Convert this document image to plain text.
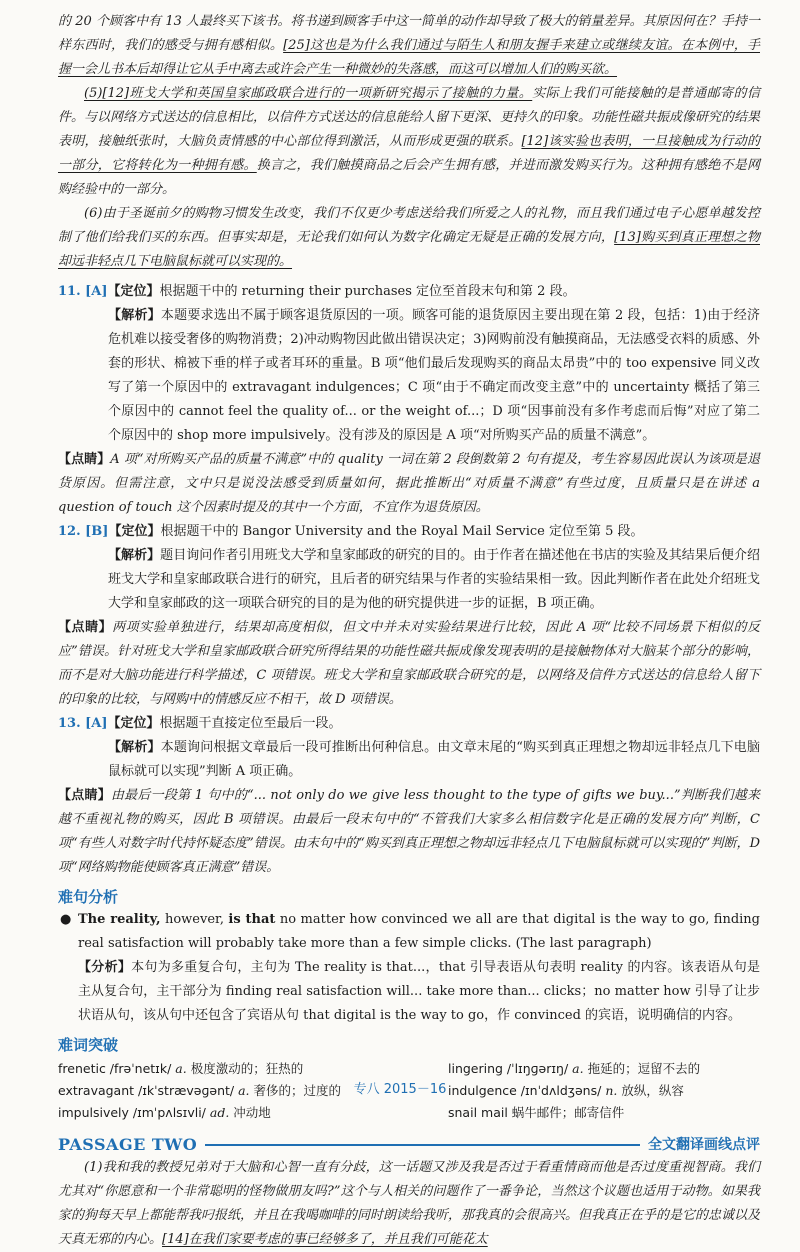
的 20 个顾客中有 13 人最终买下该书。将书递到顾客手中这一简单的动作却导致了极大的销量差异。其原因何在？手持一样东西时，我们的感受与拥有感相似。[25]这也是为什么我们通过与陌生人和朋友握手来建立或继续友谊。在本例中，手握一会儿书本后却得让它从手中离去或许会产生一种微妙的失落感，而这可以增加人们的购买欲。

(5)[12]班戈大学和英国皇家邮政联合进行的一项新研究揭示了接触的力量。实际上我们可能接触的是普通邮寄的信件。与以网络方式送达的信息相比，以信件方式送达的信息能给人留下更深、更持久的印象。功能性磁共振成像研究的结果表明，接触纸张时，大脑负责情感的中心部位得到激活，从而形成更强的联系。[12]该实验也表明，一旦接触成为行动的一部分，它将转化为一种拥有感。换言之，我们触摸商品之后会产生拥有感，并进而激发购买行为。这种拥有感绝不是网购经验中的一部分。

(6)由于圣诞前夕的购物习惯发生改变，我们不仅更少考虑送给我们所爱之人的礼物，而且我们通过电子心愿单越发控制了他们给我们买的东西。但事实却是，无论我们如何认为数字化确定无疑是正确的发展方向，[13]购买到真正理想之物却远非轻点几下电脑鼠标就可以实现的。

11. [A]【定位】根据题干中的 returning their purchases 定位至首段末句和第 2 段。

【解析】本题要求选出不属于顾客退货原因的一项。顾客可能的退货原因主要出现在第 2 段，包括：1)由于经济危机难以接受奢侈的购物消费；2)冲动购物因此做出错误决定；3)网购前没有触摸商品，无法感受衣料的质感、外套的形状、棉被下垂的样子或者耳环的重量。B 项“他们最后发现购买的商品太昂贵”中的 too expensive 同义改写了第一个原因中的 extravagant indulgences；C 项“由于不确定而改变主意”中的 uncertainty 概括了第三个原因中的 cannot feel the quality of... or the weight of...；D 项“因事前没有多作考虑而后悔”对应了第二个原因中的 shop more impulsively。没有涉及的原因是 A 项“对所购买产品的质量不满意”。

【点睛】A 项“对所购买产品的质量不满意”中的 quality 一词在第 2 段倒数第 2 句有提及，考生容易因此误认为该项是退货原因。但需注意，文中只是说没法感受到质量如何，据此推断出“对质量不满意”有些过度，且质量只是在讲述 a question of touch 这个因素时提及的其中一个方面，不宜作为退货原因。

12. [B]【定位】根据题干中的 Bangor University and the Royal Mail Service 定位至第 5 段。

【解析】题目询问作者引用班戈大学和皇家邮政的研究的目的。由于作者在描述他在书店的实验及其结果后便介绍班戈大学和皇家邮政联合进行的研究，且后者的研究结果与作者的实验结果相一致。因此判断作者在此处介绍班戈大学和皇家邮政的这一项联合研究的目的是为他的研究提供进一步的证据，B 项正确。

【点睛】两项实验单独进行，结果却高度相似，但文中并未对实验结果进行比较，因此 A 项“比较不同场景下相似的反应”错误。针对班戈大学和皇家邮政联合研究所得结果的功能性磁共振成像发现表明的是接触物体对大脑某个部分的影响，而不是对大脑功能进行科学描述，C 项错误。班戈大学和皇家邮政联合研究的是，以网络及信件方式送达的信息给人留下的印象的比较，与网购中的情感反应不相干，故 D 项错误。

13. [A]【定位】根据题干直接定位至最后一段。

【解析】本题询问根据文章最后一段可推断出何种信息。由文章末尾的“购买到真正理想之物却远非轻点几下电脑鼠标就可以实现”判断 A 项正确。

【点睛】由最后一段第 1 句中的“... not only do we give less thought to the type of gifts we buy...”判断我们越来越不重视礼物的购买，因此 B 项错误。由最后一段末句中的“不管我们大家多么相信数字化是正确的发展方向”判断，C 项“有些人对数字时代持怀疑态度”错误。由末句中的“购买到真正理想之物却远非轻点几下电脑鼠标就可以实现的”判断，D 项“网络购物能使顾客真正满意”错误。

难句分析

● The reality, however, is that no matter how convinced we all are that digital is the way to go, finding real satisfaction will probably take more than a few simple clicks. (The last paragraph)

【分析】本句为多重复合句，主句为 The reality is that...，that 引导表语从句表明 reality 的内容。该表语从句是主从复合句，主干部分为 finding real satisfaction will... take more than... clicks；no matter how 引导了让步状语从句，该从句中还包含了宾语从句 that digital is the way to go，作 convinced 的宾语，说明确信的内容。

难词突破
frenetic /frəˈnetɪk/ a. 极度激动的；狂热的	lingering /ˈlɪŋɡərɪŋ/ a. 拖延的；逗留不去的
extravagant /ɪkˈstrævəɡənt/ a. 奢侈的；过度的	indulgence /ɪnˈdʌldʒəns/ n. 放纵，纵容
impulsively /ɪmˈpʌlsɪvli/ ad. 冲动地	snail mail 蜗牛邮件；邮寄信件
PASSAGE TWO	全文翻译画线点评

(1)我和我的教授兄弟对于大脑和心智一直有分歧，这一话题又涉及我是否过于看重情商而他是否过度重视智商。我们尤其对“你愿意和一个非常聪明的怪物做朋友吗?”这个与人相关的问题作了一番争论，当然这个议题也适用于动物。如果我家的狗每天早上都能帮我叼报纸，并且在我喝咖啡的同时朗读给我听，那我真的会很高兴。但我真正在乎的是它的忠诚以及天真无邪的内心。[14]在我们家要考虑的事已经够多了，并且我们可能花太

专八 2015－16
